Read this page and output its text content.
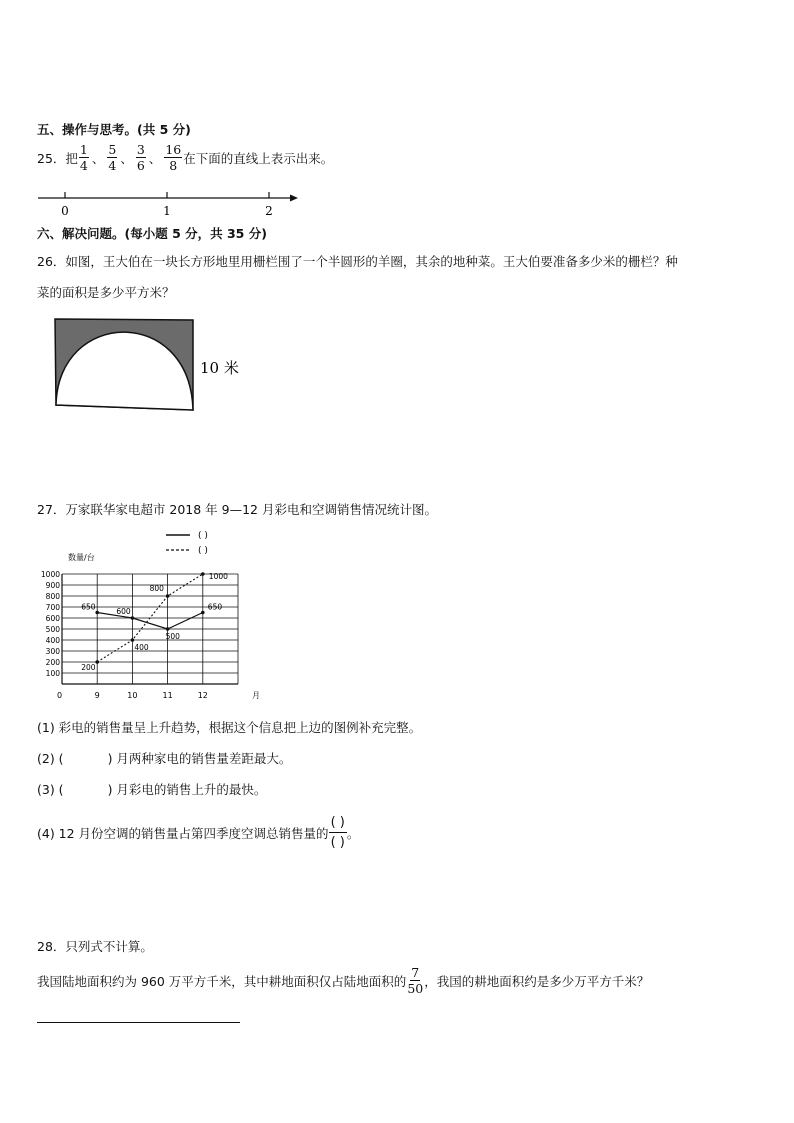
五、操作与思考。(共 5 分)
25．把 $\frac{1}{4}$ 、 $\frac{5}{4}$ 、 $\frac{3}{6}$ 、 $\frac{16}{8}$ 在下面的直线上表示出来。
0	1	2
六、解决问题。(每小题 5 分，共 35 分)
26．如图，王大伯在一块长方形地里用栅栏围了一个半圆形的羊圈，其余的地种菜。王大伯要准备多少米的栅栏？种
菜的面积是多少平方米？
10 米
27．万家联华家电超市 2018 年 9—12 月彩电和空调销售情况统计图。
( )
( )
数量/台
月
0
100
200
300
400
500
600
700
800
900
1000
9	10	11	12
650	600
500
650
200
400
800
1000
(1) 彩电的销售量呈上升趋势，根据这个信息把上边的图例补充完整。
(2) (	) 月两种家电的销售量差距最大。
(3) (	) 月彩电的销售上升的最快。
(4) 12 月份空调的销售量占第四季度空调总销售量的 $\frac{( )}{( )}$ 。
28．只列式不计算。
我国陆地面积约为 960 万平方千米，其中耕地面积仅占陆地面积的 $\frac{7}{50}$ ，我国的耕地面积约是多少万平方千米？
